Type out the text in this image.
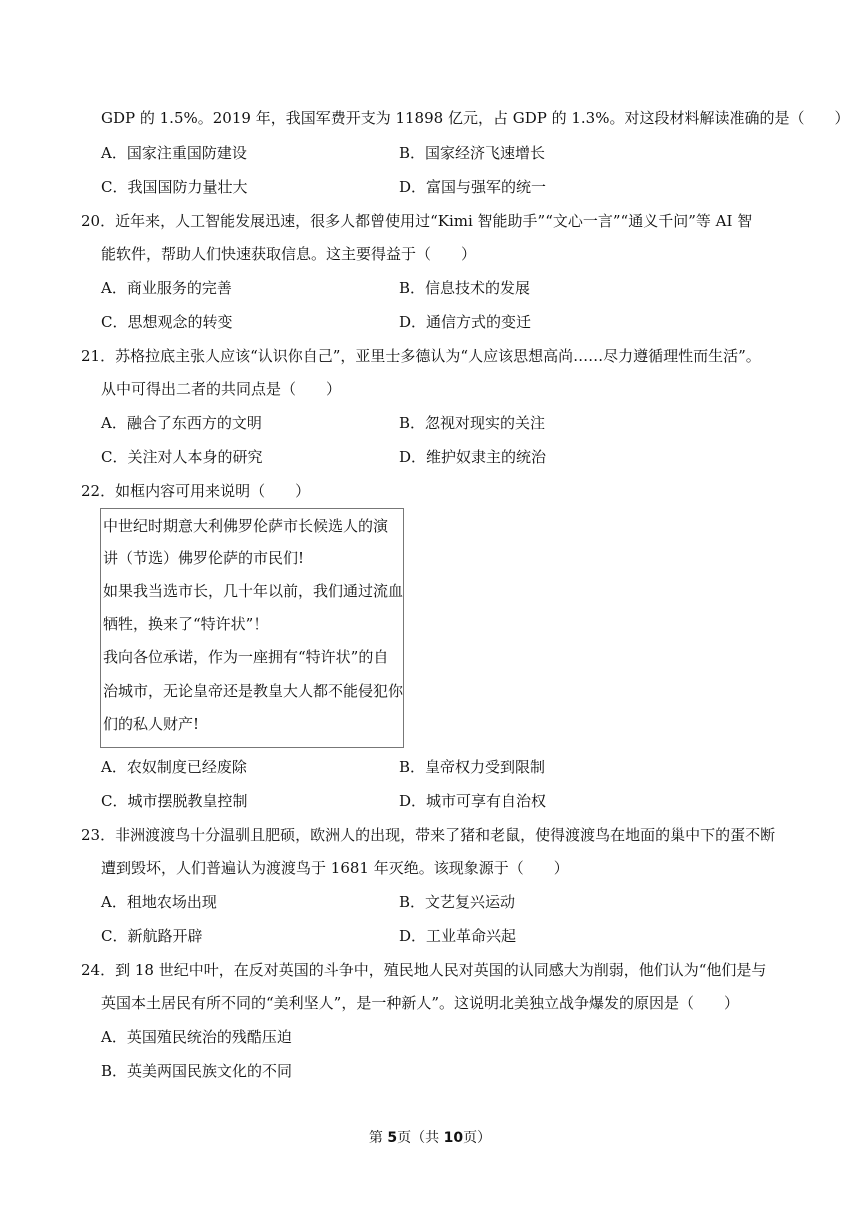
GDP 的 1.5%。2019 年，我国军费开支为 11898 亿元，占 GDP 的 1.3%。对这段材料解读准确的是（　　）
A．国家注重国防建设	B．国家经济飞速增长
C．我国国防力量壮大	D．富国与强军的统一
20．近年来，人工智能发展迅速，很多人都曾使用过“Kimi 智能助手”“文心一言”“通义千问”等 AI 智
能软件，帮助人们快速获取信息。这主要得益于（　　）
A．商业服务的完善	B．信息技术的发展
C．思想观念的转变	D．通信方式的变迁
21．苏格拉底主张人应该“认识你自己”，亚里士多德认为“人应该思想高尚……尽力遵循理性而生活”。
从中可得出二者的共同点是（　　）
A．融合了东西方的文明	B．忽视对现实的关注
C．关注对人本身的研究	D．维护奴隶主的统治
22．如框内容可用来说明（　　）
中世纪时期意大利佛罗伦萨市长候选人的演
讲（节选）佛罗伦萨的市民们!
如果我当选市长，几十年以前，我们通过流血
牺牲，换来了“特许状”！
我向各位承诺，作为一座拥有“特许状”的自
治城市，无论皇帝还是教皇大人都不能侵犯你
们的私人财产!
A．农奴制度已经废除	B．皇帝权力受到限制
C．城市摆脱教皇控制	D．城市可享有自治权
23．非洲渡渡鸟十分温驯且肥硕，欧洲人的出现，带来了猪和老鼠，使得渡渡鸟在地面的巢中下的蛋不断
遭到毁坏，人们普遍认为渡渡鸟于 1681 年灭绝。该现象源于（　　）
A．租地农场出现	B．文艺复兴运动
C．新航路开辟	D．工业革命兴起
24．到 18 世纪中叶，在反对英国的斗争中，殖民地人民对英国的认同感大为削弱，他们认为“他们是与
英国本土居民有所不同的“美利坚人”，是一种新人”。这说明北美独立战争爆发的原因是（　　）
A．英国殖民统治的残酷压迫
B．英美两国民族文化的不同
第 5页（共 10页）
